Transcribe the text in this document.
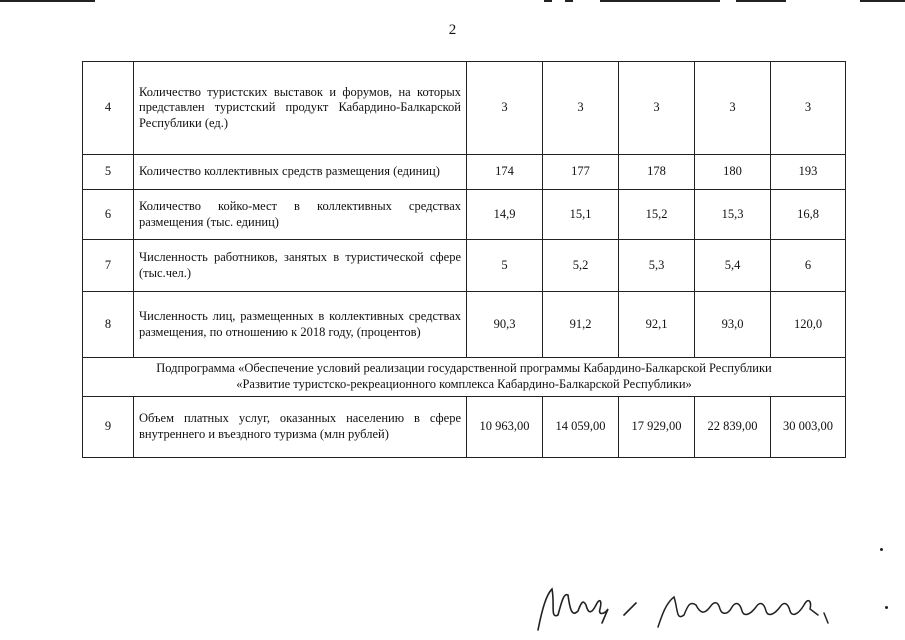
2
4	Количество туристских выставок и форумов, на которых представлен туристский продукт Кабардино-Балкарской Республики (ед.)	3	3	3	3	3
5	Количество коллективных средств размещения (единиц)	174	177	178	180	193
6	Количество койко-мест в коллективных средствах размещения (тыс. единиц)	14,9	15,1	15,2	15,3	16,8
7	Численность работников, занятых в туристической сфере (тыс.чел.)	5	5,2	5,3	5,4	6
8	Численность лиц, размещенных в коллективных средствах размещения, по отношению к 2018 году, (процентов)	90,3	91,2	92,1	93,0	120,0

Подпрограмма «Обеспечение условий реализации государственной программы Кабардино-Балкарской Республики
«Развитие туристско-рекреационного комплекса Кабардино-Балкарской Республики»						

9	Объем платных услуг, оказанных населению в сфере внутреннего и въездного туризма (млн рублей)	10 963,00	14 059,00	17 929,00	22 839,00	30 003,00
